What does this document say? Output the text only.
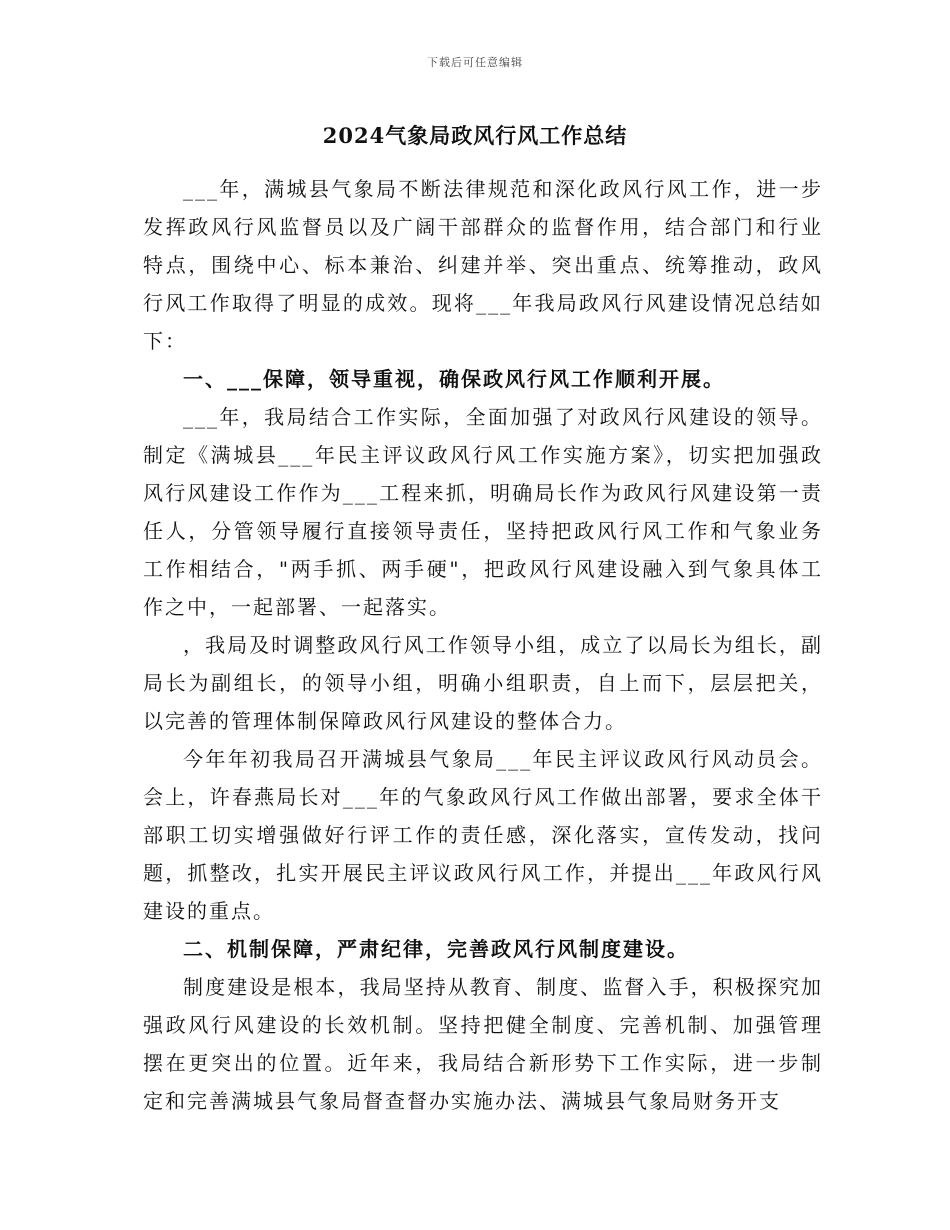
下载后可任意编辑
2024气象局政风行风工作总结

___年，满城县气象局不断法律规范和深化政风行风工作，进一步发挥政风行风监督员以及广阔干部群众的监督作用，结合部门和行业特点，围绕中心、标本兼治、纠建并举、突出重点、统筹推动，政风行风工作取得了明显的成效。现将___年我局政风行风建设情况总结如下：

一、___保障，领导重视，确保政风行风工作顺利开展。

___年，我局结合工作实际，全面加强了对政风行风建设的领导。制定《满城县___年民主评议政风行风工作实施方案》，切实把加强政风行风建设工作作为___工程来抓，明确局长作为政风行风建设第一责任人，分管领导履行直接领导责任，坚持把政风行风工作和气象业务工作相结合，"两手抓、两手硬"，把政风行风建设融入到气象具体工作之中，一起部署、一起落实。

，我局及时调整政风行风工作领导小组，成立了以局长为组长，副局长为副组长，的领导小组，明确小组职责，自上而下，层层把关，以完善的管理体制保障政风行风建设的整体合力。

今年年初我局召开满城县气象局___年民主评议政风行风动员会。会上，许春燕局长对___年的气象政风行风工作做出部署，要求全体干部职工切实增强做好行评工作的责任感，深化落实，宣传发动，找问题，抓整改，扎实开展民主评议政风行风工作，并提出___年政风行风建设的重点。

二、机制保障，严肃纪律，完善政风行风制度建设。

制度建设是根本，我局坚持从教育、制度、监督入手，积极探究加强政风行风建设的长效机制。坚持把健全制度、完善机制、加强管理摆在更突出的位置。近年来，我局结合新形势下工作实际，进一步制定和完善满城县气象局督查督办实施办法、满城县气象局财务开支
